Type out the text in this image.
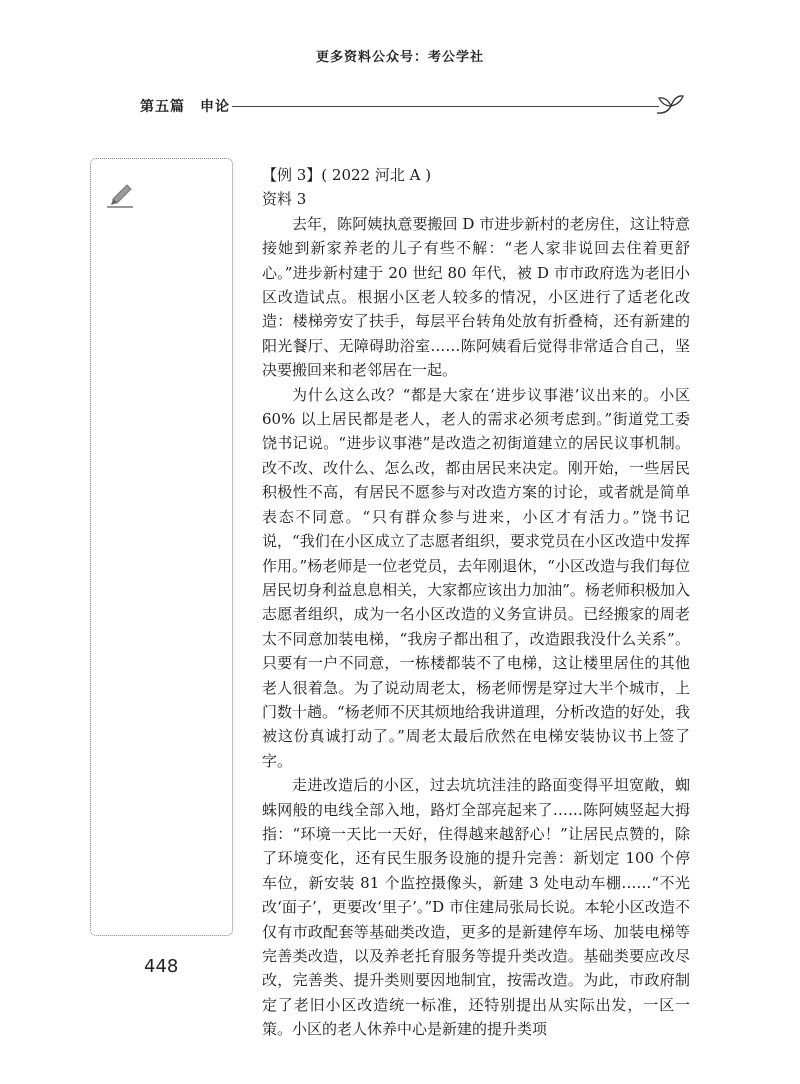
更多资料公众号：考公学社
第五篇　申论

【例 3】( 2022 河北 A )

资料 3

去年，陈阿姨执意要搬回 D 市进步新村的老房住，这让特意接她到新家养老的儿子有些不解：“老人家非说回去住着更舒心。”进步新村建于 20 世纪 80 年代，被 D 市市政府选为老旧小区改造试点。根据小区老人较多的情况，小区进行了适老化改造：楼梯旁安了扶手，每层平台转角处放有折叠椅，还有新建的阳光餐厅、无障碍助浴室……陈阿姨看后觉得非常适合自己，坚决要搬回来和老邻居在一起。

为什么这么改？“都是大家在‘进步议事港’议出来的。小区 60% 以上居民都是老人，老人的需求必须考虑到。”街道党工委饶书记说。“进步议事港”是改造之初街道建立的居民议事机制。改不改、改什么、怎么改，都由居民来决定。刚开始，一些居民积极性不高，有居民不愿参与对改造方案的讨论，或者就是简单表态不同意。“只有群众参与进来，小区才有活力。”饶书记说，“我们在小区成立了志愿者组织，要求党员在小区改造中发挥作用。”杨老师是一位老党员，去年刚退休，“小区改造与我们每位居民切身利益息息相关，大家都应该出力加油”。杨老师积极加入志愿者组织，成为一名小区改造的义务宣讲员。已经搬家的周老太不同意加装电梯，“我房子都出租了，改造跟我没什么关系”。只要有一户不同意，一栋楼都装不了电梯，这让楼里居住的其他老人很着急。为了说动周老太，杨老师愣是穿过大半个城市，上门数十趟。“杨老师不厌其烦地给我讲道理，分析改造的好处，我被这份真诚打动了。”周老太最后欣然在电梯安装协议书上签了字。

走进改造后的小区，过去坑坑洼洼的路面变得平坦宽敞，蜘蛛网般的电线全部入地，路灯全部亮起来了……陈阿姨竖起大拇指：“环境一天比一天好，住得越来越舒心！”让居民点赞的，除了环境变化，还有民生服务设施的提升完善：新划定 100 个停车位，新安装 81 个监控摄像头，新建 3 处电动车棚……“不光改‘面子’，更要改‘里子’。”D 市住建局张局长说。本轮小区改造不仅有市政配套等基础类改造，更多的是新建停车场、加装电梯等完善类改造，以及养老托育服务等提升类改造。基础类要应改尽改，完善类、提升类则要因地制宜，按需改造。为此，市政府制定了老旧小区改造统一标准，还特别提出从实际出发，一区一策。小区的老人休养中心是新建的提升类项

448
